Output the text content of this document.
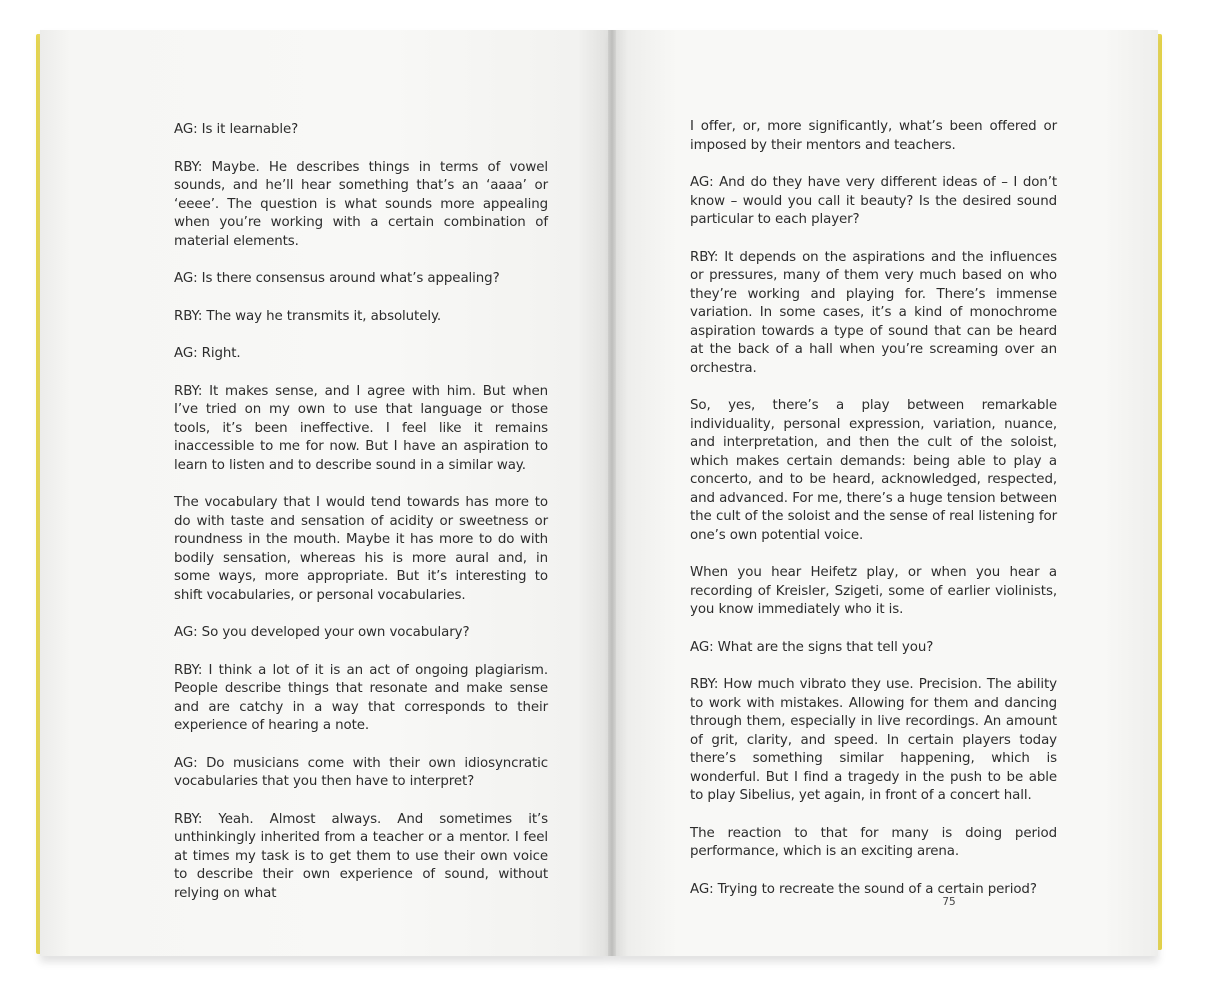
AG: Is it learnable?

RBY: Maybe. He describes things in terms of vowel sounds, and he’ll hear something that’s an ‘aaaa’ or ‘eeee’. The question is what sounds more appealing when you’re working with a certain combination of material elements.

AG: Is there consensus around what’s appealing?

RBY: The way he transmits it, absolutely.

AG: Right.

RBY: It makes sense, and I agree with him. But when I’ve tried on my own to use that language or those tools, it’s been ineffective. I feel like it remains inaccessible to me for now. But I have an aspiration to learn to listen and to describe sound in a similar way.

The vocabulary that I would tend towards has more to do with taste and sensation of acidity or sweetness or roundness in the mouth. Maybe it has more to do with bodily sensation, whereas his is more aural and, in some ways, more appropriate. But it’s interesting to shift vocabularies, or personal vocabularies.

AG: So you developed your own vocabulary?

RBY: I think a lot of it is an act of ongoing plagiarism. People describe things that resonate and make sense and are catchy in a way that corresponds to their experience of hearing a note.

AG: Do musicians come with their own idiosyncratic vocabularies that you then have to interpret?

RBY: Yeah. Almost always. And sometimes it’s unthinkingly inherited from a teacher or a mentor. I feel at times my task is to get them to use their own voice to describe their own experience of sound, without relying on what

I offer, or, more significantly, what’s been offered or imposed by their mentors and teachers.

AG: And do they have very different ideas of – I don’t know – would you call it beauty? Is the desired sound particular to each player?

RBY: It depends on the aspirations and the influences or pressures, many of them very much based on who they’re working and playing for. There’s immense variation. In some cases, it’s a kind of monochrome aspiration towards a type of sound that can be heard at the back of a hall when you’re screaming over an orchestra.

So, yes, there’s a play between remarkable individuality, personal expression, variation, nuance, and interpretation, and then the cult of the soloist, which makes certain demands: being able to play a concerto, and to be heard, acknowledged, respected, and advanced. For me, there’s a huge tension between the cult of the soloist and the sense of real listening for one’s own potential voice.

When you hear Heifetz play, or when you hear a recording of Kreisler, Szigeti, some of earlier violinists, you know immediately who it is.

AG: What are the signs that tell you?

RBY: How much vibrato they use. Precision. The ability to work with mistakes. Allowing for them and dancing through them, especially in live recordings. An amount of grit, clarity, and speed. In certain players today there’s something similar happening, which is wonderful. But I find a tragedy in the push to be able to play Sibelius, yet again, in front of a concert hall.

The reaction to that for many is doing period performance, which is an exciting arena.

AG: Trying to recreate the sound of a certain period?

75
